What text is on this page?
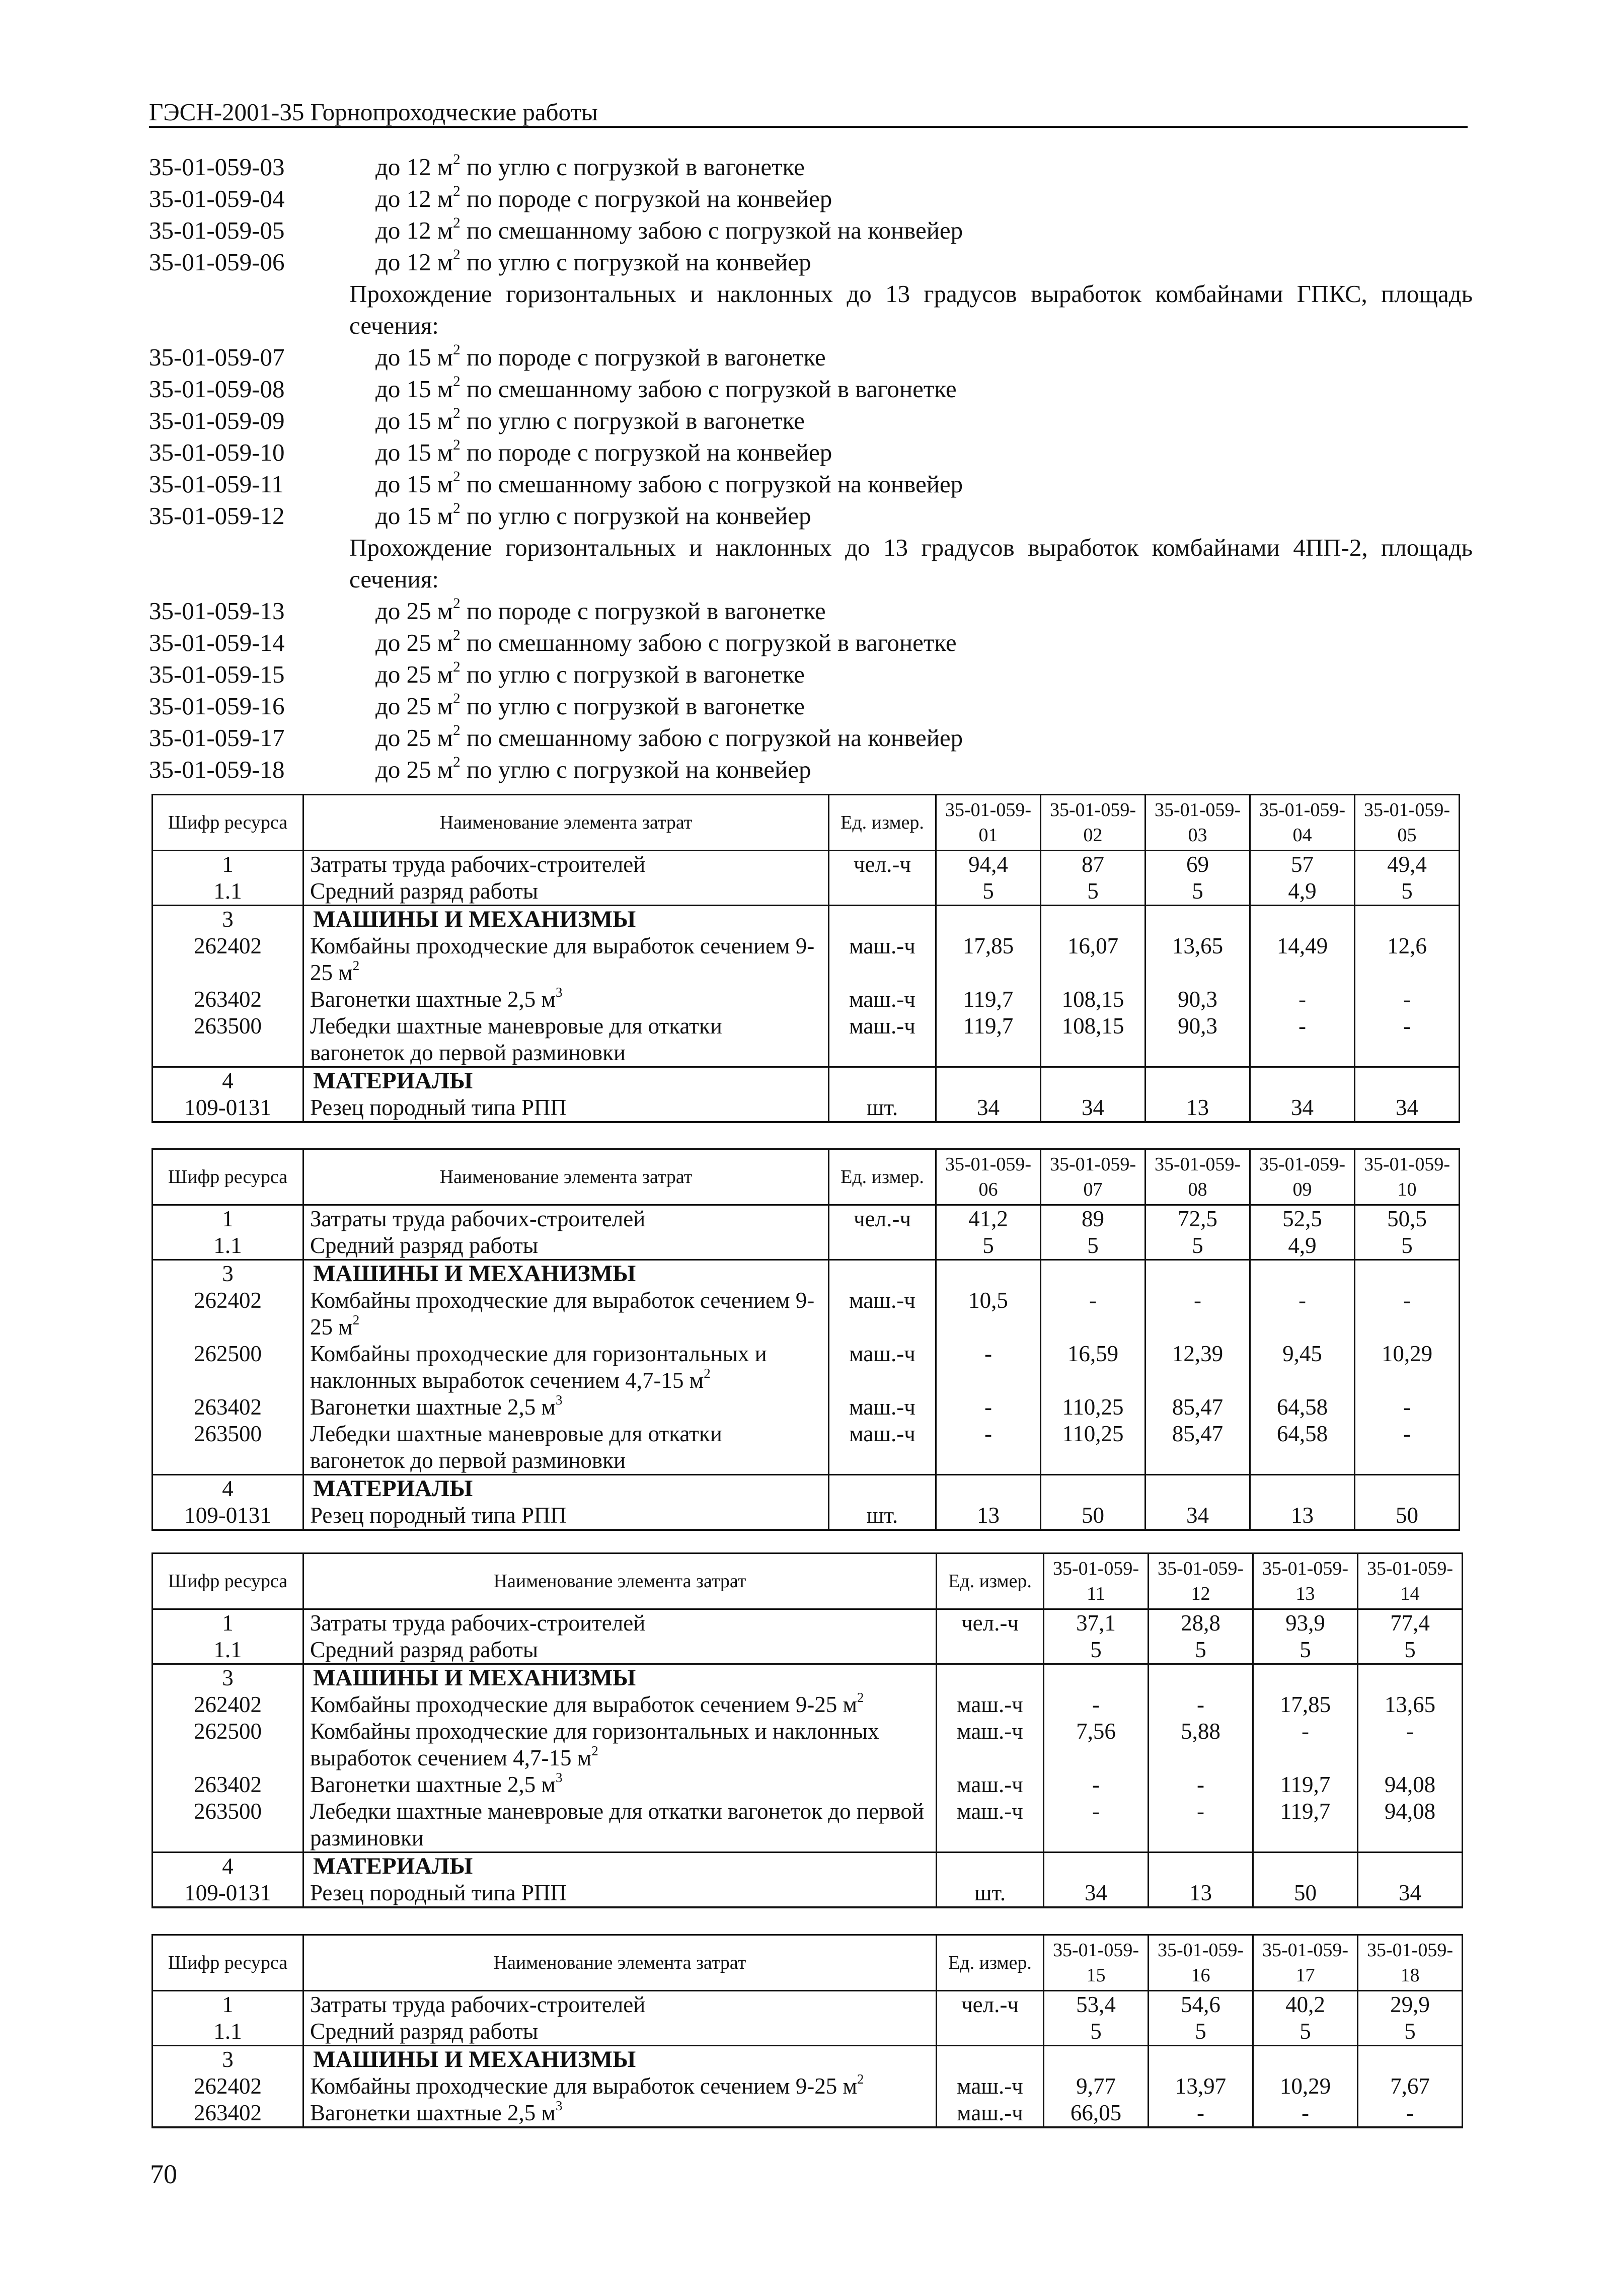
ГЭСН-2001-35 Горнопроходческие работы
35-01-059-03	до 12 $м^2$ по углю с погрузкой в вагонетке
35-01-059-04	до 12 $м^2$ по породе с погрузкой на конвейер
35-01-059-05	до 12 $м^2$ по смешанному забою с погрузкой на конвейер
35-01-059-06	до 12 $м^2$ по углю с погрузкой на конвейер
Прохождение горизонтальных и наклонных до 13 градусов выработок комбайнами ГПКС, площадь сечения:
35-01-059-07	до 15 $м^2$ по породе с погрузкой в вагонетке
35-01-059-08	до 15 $м^2$ по смешанному забою с погрузкой в вагонетке
35-01-059-09	до 15 $м^2$ по углю с погрузкой в вагонетке
35-01-059-10	до 15 $м^2$ по породе с погрузкой на конвейер
35-01-059-11	до 15 $м^2$ по смешанному забою с погрузкой на конвейер
35-01-059-12	до 15 $м^2$ по углю с погрузкой на конвейер
Прохождение горизонтальных и наклонных до 13 градусов выработок комбайнами 4ПП-2, площадь сечения:
35-01-059-13	до 25 $м^2$ по породе с погрузкой в вагонетке
35-01-059-14	до 25 $м^2$ по смешанному забою с погрузкой в вагонетке
35-01-059-15	до 25 $м^2$ по углю с погрузкой в вагонетке
35-01-059-16	до 25 $м^2$ по углю с погрузкой в вагонетке
35-01-059-17	до 25 $м^2$ по смешанному забою с погрузкой на конвейер
35-01-059-18	до 25 $м^2$ по углю с погрузкой на конвейер
Шифр ресурса	Наименование элемента затрат	Ед. измер.	35-01-059-01	35-01-059-02	35-01-059-03	35-01-059-04	35-01-059-05
1	Затраты труда рабочих-строителей	чел.-ч	94,4	87	69	57	49,4
1.1	Средний разряд работы		5	5	5	4,9	5
3	МАШИНЫ И МЕХАНИЗМЫ						
262402	Комбайны проходческие для выработок сечением 9-25 $м^2$	маш.-ч	17,85	16,07	13,65	14,49	12,6
263402	Вагонетки шахтные 2,5 $м^3$	маш.-ч	119,7	108,15	90,3	-	-
263500	Лебедки шахтные маневровые для откатки вагонеток до первой разминовки	маш.-ч	119,7	108,15	90,3	-	-
4	МАТЕРИАЛЫ						
109-0131	Резец породный типа РПП	шт.	34	34	13	34	34
Шифр ресурса	Наименование элемента затрат	Ед. измер.	35-01-059-06	35-01-059-07	35-01-059-08	35-01-059-09	35-01-059-10
1	Затраты труда рабочих-строителей	чел.-ч	41,2	89	72,5	52,5	50,5
1.1	Средний разряд работы		5	5	5	4,9	5
3	МАШИНЫ И МЕХАНИЗМЫ						
262402	Комбайны проходческие для выработок сечением 9-25 $м^2$	маш.-ч	10,5	-	-	-	-
262500	Комбайны проходческие для горизонтальных и наклонных выработок сечением 4,7-15 $м^2$	маш.-ч	-	16,59	12,39	9,45	10,29
263402	Вагонетки шахтные 2,5 $м^3$	маш.-ч	-	110,25	85,47	64,58	-
263500	Лебедки шахтные маневровые для откатки вагонеток до первой разминовки	маш.-ч	-	110,25	85,47	64,58	-
4	МАТЕРИАЛЫ						
109-0131	Резец породный типа РПП	шт.	13	50	34	13	50
Шифр ресурса	Наименование элемента затрат	Ед. измер.	35-01-059-11	35-01-059-12	35-01-059-13	35-01-059-14
1	Затраты труда рабочих-строителей	чел.-ч	37,1	28,8	93,9	77,4
1.1	Средний разряд работы		5	5	5	5
3	МАШИНЫ И МЕХАНИЗМЫ					
262402	Комбайны проходческие для выработок сечением 9-25 $м^2$	маш.-ч	-	-	17,85	13,65
262500	Комбайны проходческие для горизонтальных и наклонных выработок сечением 4,7-15 $м^2$	маш.-ч	7,56	5,88	-	-
263402	Вагонетки шахтные 2,5 $м^3$	маш.-ч	-	-	119,7	94,08
263500	Лебедки шахтные маневровые для откатки вагонеток до первой разминовки	маш.-ч	-	-	119,7	94,08
4	МАТЕРИАЛЫ					
109-0131	Резец породный типа РПП	шт.	34	13	50	34
Шифр ресурса	Наименование элемента затрат	Ед. измер.	35-01-059-15	35-01-059-16	35-01-059-17	35-01-059-18
1	Затраты труда рабочих-строителей	чел.-ч	53,4	54,6	40,2	29,9
1.1	Средний разряд работы		5	5	5	5
3	МАШИНЫ И МЕХАНИЗМЫ					
262402	Комбайны проходческие для выработок сечением 9-25 $м^2$	маш.-ч	9,77	13,97	10,29	7,67
263402	Вагонетки шахтные 2,5 $м^3$	маш.-ч	66,05	-	-	-
70
